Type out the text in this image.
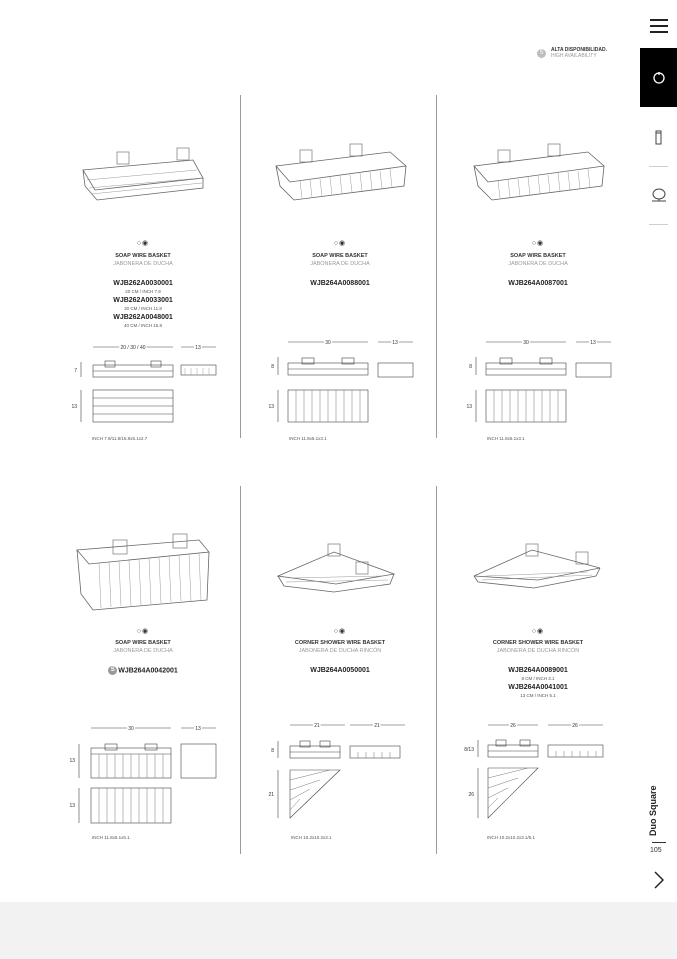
S	ALTA DISPONIBILIDAD.
HIGH AVAILABILITY
○◉
SOAP WIRE BASKET
JABONERA DE DUCHA
WJB262A0030001
20 CM / INCH 7.9
WJB262A0033001
30 CM / INCH 11.8
WJB262A0048001
40 CM / INCH 15.8
20 / 30 / 40	13
7
13
INCH 7.9/11.8/15.8x5.1x2.7
○◉
SOAP WIRE BASKET
JABONERA DE DUCHA
WJB264A0088001
30	13
8
13
INCH 11.8x5.1x3.1
○◉
SOAP WIRE BASKET
JABONERA DE DUCHA
WJB264A0087001
30	13
8
13
INCH 11.8x5.1x3.1
○◉
SOAP WIRE BASKET
JABONERA DE DUCHA
S WJB264A0042001
30	13
13
13
INCH 11.8x5.1x5.1
○◉
CORNER SHOWER WIRE BASKET
JABONERA DE DUCHA RINCÓN
WJB264A0050001
21	21
8
21
INCH 10.2x10.2x3.1
○◉
CORNER SHOWER WIRE BASKET
JABONERA DE DUCHA RINCÓN
WJB264A0089001
8 CM / INCH 3.1
WJB264A0041001
13 CM / INCH 5.1
26	26
8/13
26
INCH 10.2x10.2x3.1/5.1
Duo Square
105
